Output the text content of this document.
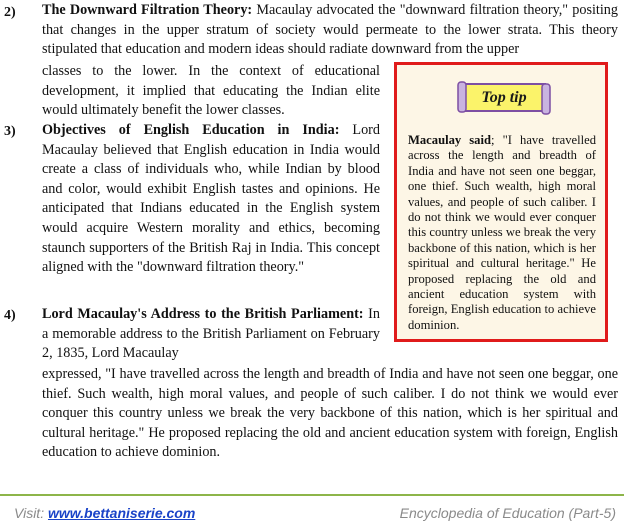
2) The Downward Filtration Theory: Macaulay advocated the "downward filtration theory," positing that changes in the upper stratum of society would permeate to the lower strata. This theory stipulated that education and modern ideas should radiate downward from the upper
classes to the lower. In the context of educational development, it implied that educating the Indian elite would ultimately benefit the lower classes.
3) Objectives of English Education in India: Lord Macaulay believed that English education in India would create a class of individuals who, while Indian by blood and color, would exhibit English tastes and opinions. He anticipated that Indians educated in the English system would acquire Western morality and ethics, becoming staunch supporters of the British Raj in India. This concept aligned with the "downward filtration theory."
4) Lord Macaulay's Address to the British Parliament: In a memorable address to the British Parliament on February 2, 1835, Lord Macaulay
expressed, "I have travelled across the length and breadth of India and have not seen one beggar, one thief. Such wealth, high moral values, and people of such caliber. I do not think we would ever conquer this country unless we break the very backbone of this nation, which is her spiritual and cultural heritage." He proposed replacing the old and ancient education system with foreign, English education to achieve dominion.
Top tip
Macaulay said; "I have travelled across the length and breadth of India and have not seen one beggar, one thief. Such wealth, high moral values, and people of such caliber. I do not think we would ever conquer this country unless we break the very backbone of this nation, which is her spiritual and cultural heritage." He proposed replacing the old and ancient education system with foreign, English education to achieve dominion.
Visit: www.bettaniserie.com	Encyclopedia of Education (Part-5)
